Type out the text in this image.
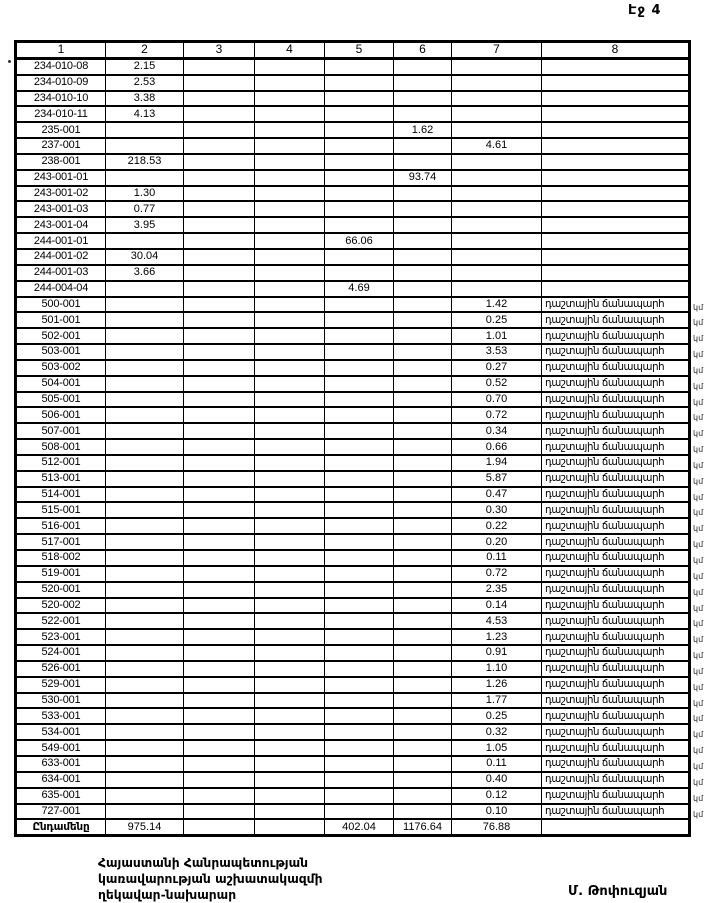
Էջ 4
1	2	3	4	5	6	7	8
234-010-08	2.15						
234-010-09	2.53						
234-010-10	3.38						
234-010-11	4.13						
235-001					1.62		
237-001						4.61	
238-001	218.53						
243-001-01					93.74		
243-001-02	1.30						
243-001-03	0.77						
243-001-04	3.95						
244-001-01				66.06			
244-001-02	30.04						
244-001-03	3.66						
244-004-04				4.69			
500-001						1.42	դաշտային ճանապարհ կմ

501-001						0.25	դաշտային ճանապարհ կմ

502-001						1.01	դաշտային ճանապարհ կմ

503-001						3.53	դաշտային ճանապարհ կմ

503-002						0.27	դաշտային ճանապարհ կմ

504-001						0.52	դաշտային ճանապարհ կմ

505-001						0.70	դաշտային ճանապարհ կմ

506-001						0.72	դաշտային ճանապարհ կմ

507-001						0.34	դաշտային ճանապարհ կմ

508-001						0.66	դաշտային ճանապարհ կմ

512-001						1.94	դաշտային ճանապարհ կմ

513-001						5.87	դաշտային ճանապարհ կմ

514-001						0.47	դաշտային ճանապարհ կմ

515-001						0.30	դաշտային ճանապարհ կմ

516-001						0.22	դաշտային ճանապարհ կմ

517-001						0.20	դաշտային ճանապարհ կմ

518-002						0.11	դաշտային ճանապարհ կմ

519-001						0.72	դաշտային ճանապարհ կմ

520-001						2.35	դաշտային ճանապարհ կմ

520-002						0.14	դաշտային ճանապարհ կմ

522-001						4.53	դաշտային ճանապարհ կմ

523-001						1.23	դաշտային ճանապարհ կմ

524-001						0.91	դաշտային ճանապարհ կմ

526-001						1.10	դաշտային ճանապարհ կմ

529-001						1.26	դաշտային ճանապարհ կմ

530-001						1.77	դաշտային ճանապարհ կմ

533-001						0.25	դաշտային ճանապարհ կմ

534-001						0.32	դաշտային ճանապարհ կմ

549-001						1.05	դաշտային ճանապարհ կմ

633-001						0.11	դաշտային ճանապարհ կմ

634-001						0.40	դաշտային ճանապարհ կմ

635-001						0.12	դաշտային ճանապարհ կմ

727-001						0.10	դաշտային ճանապարհ կմ

Ընդամենը	975.14			402.04	1176.64	76.88	
Հայաստանի Հանրապետության
կառավարության աշխատակազմի
ղեկավար-նախարար	Մ. Թոփուզյան
